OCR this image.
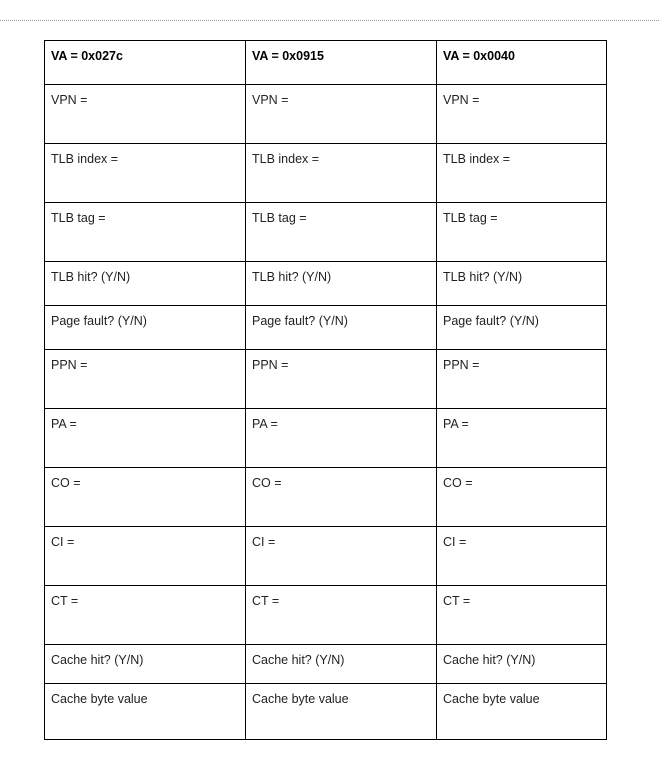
VA = 0x027c	VA = 0x0915	VA = 0x0040
VPN =	VPN =	VPN =
TLB index =	TLB index =	TLB index =
TLB tag =	TLB tag =	TLB tag =
TLB hit? (Y/N)	TLB hit? (Y/N)	TLB hit? (Y/N)
Page fault? (Y/N)	Page fault? (Y/N)	Page fault? (Y/N)
PPN =	PPN =	PPN =
PA =	PA =	PA =
CO =	CO =	CO =
CI =	CI =	CI =
CT =	CT =	CT =
Cache hit? (Y/N)	Cache hit? (Y/N)	Cache hit? (Y/N)
Cache byte value	Cache byte value	Cache byte value
